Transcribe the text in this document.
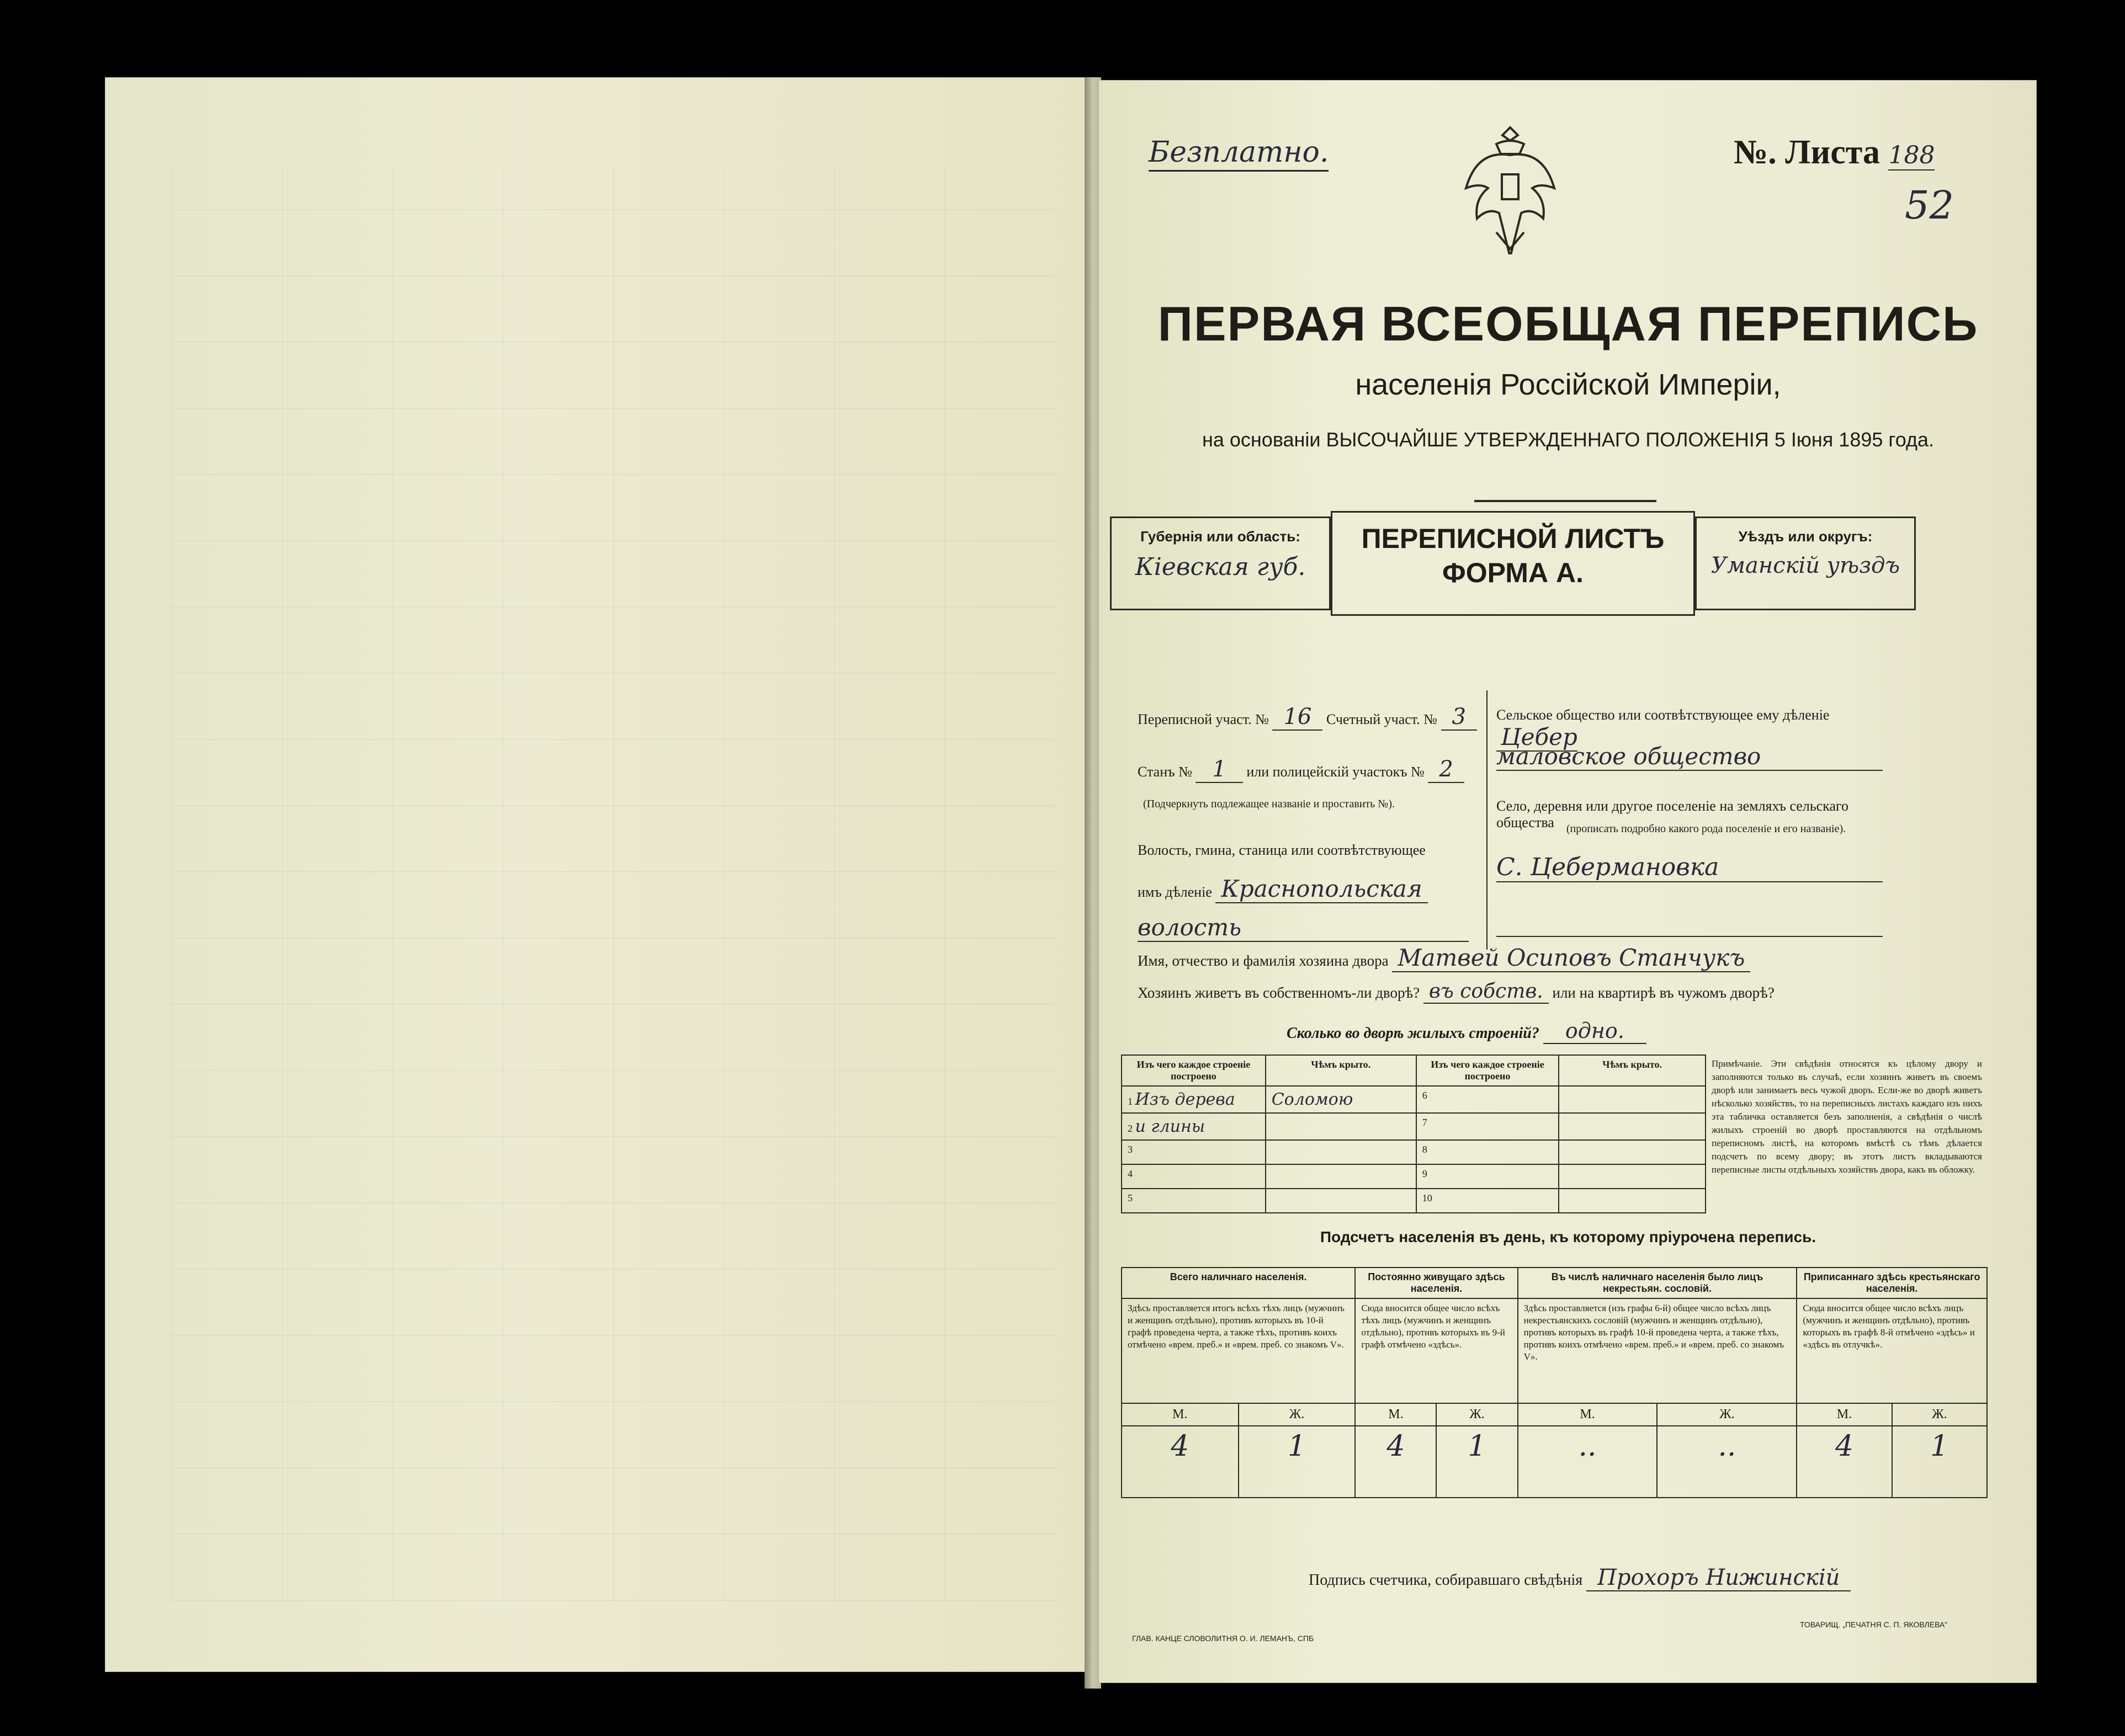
Безплатно.	№. Листа 188
52
ПЕРВАЯ ВСЕОБЩАЯ ПЕРЕПИСЬ
населенія Россійской Имперіи,
на основаніи ВЫСОЧАЙШЕ УТВЕРЖДЕННАГО ПОЛОЖЕНІЯ 5 Іюня 1895 года.
Губернія или область:
Кіевская губ.
ПЕРЕПИСНОЙ ЛИСТЪ
ФОРМА А.
Уѣздъ или округъ:
Уманскій уѣздъ
Переписной участ. № 16 Счетный участ. № 3
Станъ № 1 или полицейскій участокъ № 2
(Подчеркнуть подлежащее названіе и проставить №).
Волость, гмина, станица или соотвѣтствующее
имъ дѣленіе Краснопольская
волость
Сельское общество или соотвѣтствующее ему дѣленіе Цебер
маловское общество
Село, деревня или другое поселеніе на земляхъ сельскаго общества	(прописать подробно какого рода поселеніе и его названіе).
С. Цебермановка
Имя, отчество и фамилія хозяина двора Матвей Осиповъ Станчукъ
Хозяинъ живетъ въ собственномъ-ли дворѣ? въ собств. или на квартирѣ въ чужомъ дворѣ?
Сколько во дворѣ жилыхъ строеній? одно.
Изъ чего каждое строеніе построено	Чѣмъ крыто.	Изъ чего каждое строеніе построено	Чѣмъ крыто.
1 Изъ дерева	Соломою	6	
2 и глины		7	
3		8	
4		9	
5		10	
Примѣчаніе. Эти свѣдѣнія относятся къ цѣлому двору и заполняются только въ случаѣ, если хозяинъ живетъ въ своемъ дворѣ или занимаетъ весь чужой дворъ. Если-же во дворѣ живетъ нѣсколько хозяйствъ, то на переписныхъ листахъ каждаго изъ нихъ эта табличка оставляется безъ заполненія, а свѣдѣнія о числѣ жилыхъ строеній во дворѣ проставляются на отдѣльномъ переписномъ листѣ, на которомъ вмѣстѣ съ тѣмъ дѣлается подсчетъ по всему двору; въ этотъ листъ вкладываются переписные листы отдѣльныхъ хозяйствъ двора, какъ въ обложку.
Подсчетъ населенія въ день, къ которому пріурочена перепись.
Всего наличнаго населенія.		Постоянно живущаго здѣсь населенія.		Въ числѣ наличнаго населенія было лицъ некрестьян. сословій.		Приписаннаго здѣсь крестьянскаго населенія.	
Здѣсь проставляется итогъ всѣхъ тѣхъ лицъ (мужчинъ и женщинъ отдѣльно), противъ которыхъ въ 10-й графѣ проведена черта, а также тѣхъ, противъ коихъ отмѣчено «врем. преб.» и «врем. преб. со знакомъ V».		Сюда вносится общее число всѣхъ тѣхъ лицъ (мужчинъ и женщинъ отдѣльно), противъ которыхъ въ 9-й графѣ отмѣчено «здѣсь».		Здѣсь проставляется (изъ графы 6-й) общее число всѣхъ лицъ некрестьянскихъ сословій (мужчинъ и женщинъ отдѣльно), противъ которыхъ въ графѣ 10-й проведена черта, а также тѣхъ, противъ коихъ отмѣчено «врем. преб.» и «врем. преб. со знакомъ V».		Сюда вносится общее число всѣхъ лицъ (мужчинъ и женщинъ отдѣльно), противъ которыхъ въ графѣ 8-й отмѣчено «здѣсь» и «здѣсь въ отлучкѣ».	
М.	Ж.	М.	Ж.	М.	Ж.	М.	Ж.
4	1	4	1	..	..	4	1
Подпись счетчика, собиравшаго свѣдѣнія Прохоръ Нижинскій
ГЛАВ. КАНЦЕ СЛОВОЛИТНЯ О. И. ЛЕМАНЪ, СПБ
ТОВАРИЩ. „ПЕЧАТНЯ С. П. ЯКОВЛЕВА"
